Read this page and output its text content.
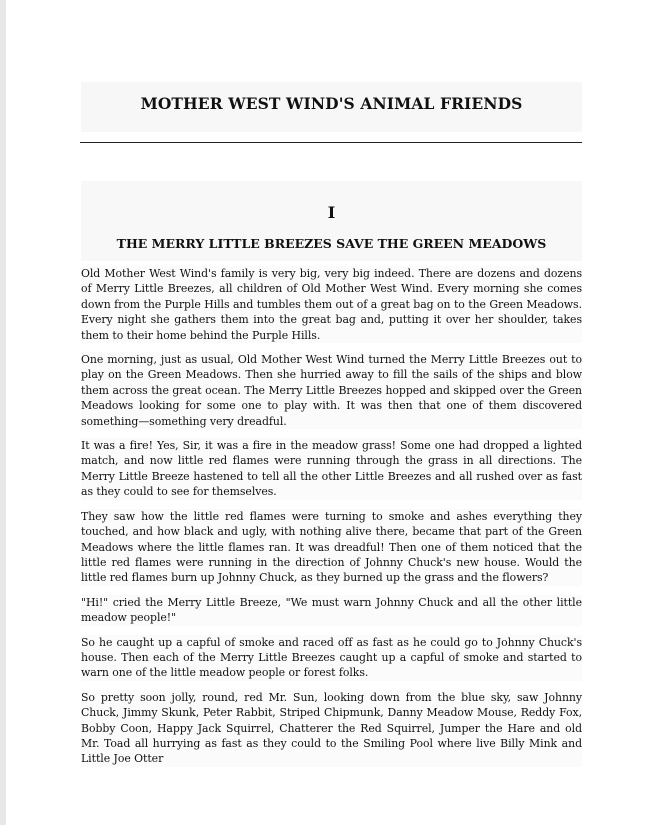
MOTHER WEST WIND'S ANIMAL FRIENDS
I
THE MERRY LITTLE BREEZES SAVE THE GREEN MEADOWS

Old Mother West Wind's family is very big, very big indeed. There are dozens and dozens of Merry Little Breezes, all children of Old Mother West Wind. Every morning she comes down from the Purple Hills and tumbles them out of a great bag on to the Green Meadows. Every night she gathers them into the great bag and, putting it over her shoulder, takes them to their home behind the Purple Hills.

One morning, just as usual, Old Mother West Wind turned the Merry Little Breezes out to play on the Green Meadows. Then she hurried away to fill the sails of the ships and blow them across the great ocean. The Merry Little Breezes hopped and skipped over the Green Meadows looking for some one to play with. It was then that one of them discovered something—something very dreadful.

It was a fire! Yes, Sir, it was a fire in the meadow grass! Some one had dropped a lighted match, and now little red flames were running through the grass in all directions. The Merry Little Breeze hastened to tell all the other Little Breezes and all rushed over as fast as they could to see for themselves.

They saw how the little red flames were turning to smoke and ashes everything they touched, and how black and ugly, with nothing alive there, became that part of the Green Meadows where the little flames ran. It was dreadful! Then one of them noticed that the little red flames were running in the direction of Johnny Chuck's new house. Would the little red flames burn up Johnny Chuck, as they burned up the grass and the flowers?

"Hi!" cried the Merry Little Breeze, "We must warn Johnny Chuck and all the other little meadow people!"

So he caught up a capful of smoke and raced off as fast as he could go to Johnny Chuck's house. Then each of the Merry Little Breezes caught up a capful of smoke and started to warn one of the little meadow people or forest folks.

So pretty soon jolly, round, red Mr. Sun, looking down from the blue sky, saw Johnny Chuck, Jimmy Skunk, Peter Rabbit, Striped Chipmunk, Danny Meadow Mouse, Reddy Fox, Bobby Coon, Happy Jack Squirrel, Chatterer the Red Squirrel, Jumper the Hare and old Mr. Toad all hurrying as fast as they could to the Smiling Pool where live Billy Mink and Little Joe Otter
